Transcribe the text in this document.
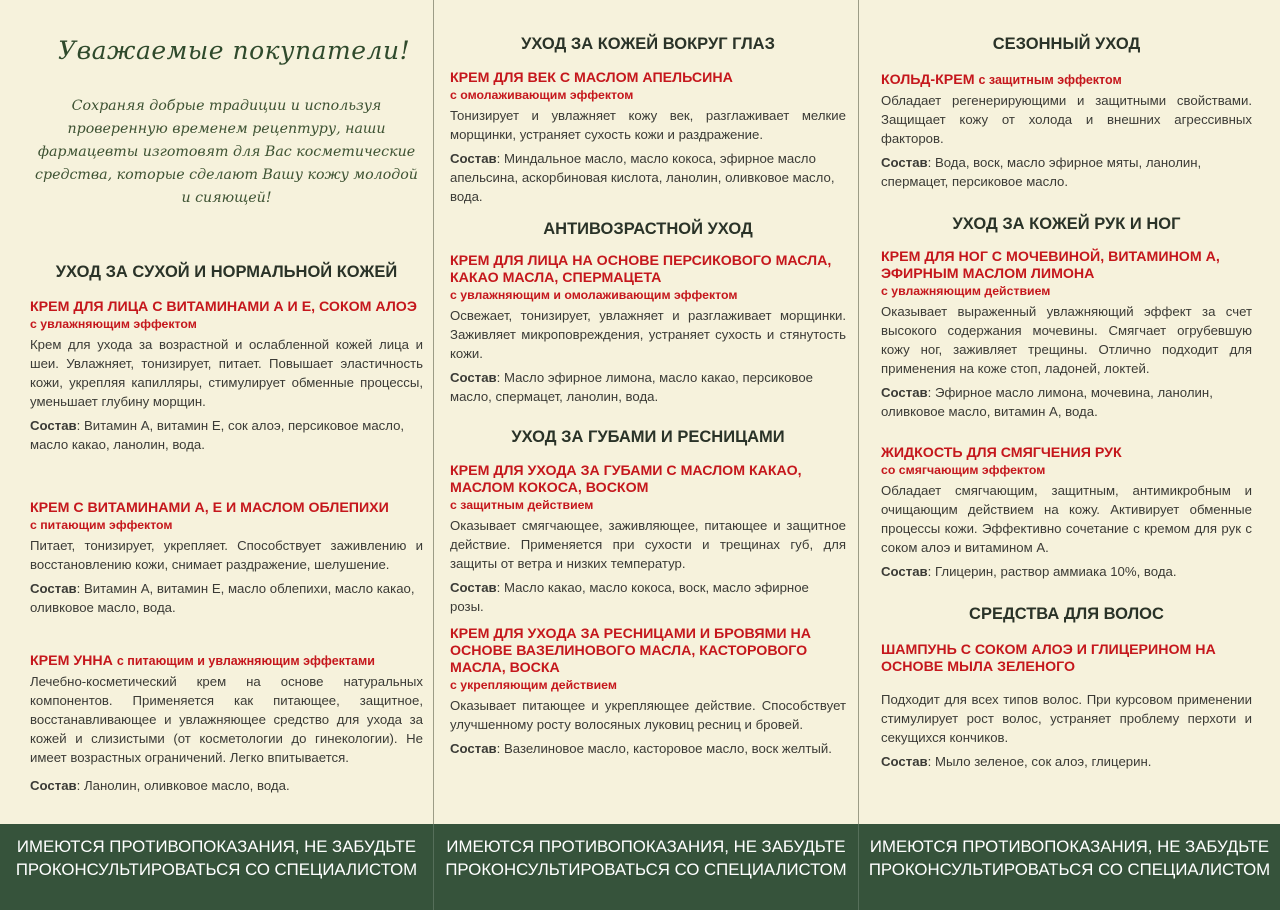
Уважаемые покупатели!
Сохраняя добрые традиции и используя проверенную временем рецептуру, наши фармацевты изготовят для Вас косметические средства, которые сделают Вашу кожу молодой и сияющей!
УХОД ЗА СУХОЙ И НОРМАЛЬНОЙ КОЖЕЙ
КРЕМ ДЛЯ ЛИЦА С ВИТАМИНАМИ А И Е, СОКОМ АЛОЭ
с увлажняющим эффектом
Крем для ухода за возрастной и ослабленной кожей лица и шеи. Увлажняет, тонизирует, питает. Повышает эластичность кожи, укрепляя капилляры, стимулирует обменные процессы, уменьшает глубину морщин.
Состав: Витамин А, витамин Е, сок алоэ, персиковое масло, масло какао, ланолин, вода.
КРЕМ С ВИТАМИНАМИ А, Е И МАСЛОМ ОБЛЕПИХИ
с питающим эффектом
Питает, тонизирует, укрепляет. Способствует заживлению и восстановлению кожи, снимает раздражение, шелушение.
Состав: Витамин А, витамин Е, масло облепихи, масло какао, оливковое масло, вода.
КРЕМ УННА с питающим и увлажняющим эффектами
Лечебно-косметический крем на основе натуральных компонентов. Применяется как питающее, защитное, восстанавливающее и увлажняющее средство для ухода за кожей и слизистыми (от косметологии до гинекологии). Не имеет возрастных ограничений. Легко впитывается.
Состав: Ланолин, оливковое масло, вода.
УХОД ЗА КОЖЕЙ ВОКРУГ ГЛАЗ
КРЕМ ДЛЯ ВЕК С МАСЛОМ АПЕЛЬСИНА
с омолаживающим эффектом
Тонизирует и увлажняет кожу век, разглаживает мелкие морщинки, устраняет сухость кожи и раздражение.
Состав: Миндальное масло, масло кокоса, эфирное масло апельсина, аскорбиновая кислота, ланолин, оливковое масло, вода.
АНТИВОЗРАСТНОЙ УХОД
КРЕМ ДЛЯ ЛИЦА НА ОСНОВЕ ПЕРСИКОВОГО МАСЛА, КАКАО МАСЛА, СПЕРМАЦЕТА
с увлажняющим и омолаживающим эффектом
Освежает, тонизирует, увлажняет и разглаживает морщинки. Заживляет микроповреждения, устраняет сухость и стянутость кожи.
Состав: Масло эфирное лимона, масло какао, персиковое масло, спермацет, ланолин, вода.
УХОД ЗА ГУБАМИ И РЕСНИЦАМИ
КРЕМ ДЛЯ УХОДА ЗА ГУБАМИ С МАСЛОМ КАКАО, МАСЛОМ КОКОСА, ВОСКОМ
с защитным действием
Оказывает смягчающее, заживляющее, питающее и защитное действие. Применяется при сухости и трещинах губ, для защиты от ветра и низких температур.
Состав: Масло какао, масло кокоса, воск, масло эфирное розы.
КРЕМ ДЛЯ УХОДА ЗА РЕСНИЦАМИ И БРОВЯМИ НА ОСНОВЕ ВАЗЕЛИНОВОГО МАСЛА, КАСТОРОВОГО МАСЛА, ВОСКА
с укрепляющим действием
Оказывает питающее и укрепляющее действие. Способствует улучшенному росту волосяных луковиц ресниц и бровей.
Состав: Вазелиновое масло, касторовое масло, воск желтый.
СЕЗОННЫЙ УХОД
КОЛЬД-КРЕМ с защитным эффектом
Обладает регенерирующими и защитными свойствами. Защищает кожу от холода и внешних агрессивных факторов.
Состав: Вода, воск, масло эфирное мяты, ланолин, спермацет, персиковое масло.
УХОД ЗА КОЖЕЙ РУК И НОГ
КРЕМ ДЛЯ НОГ С МОЧЕВИНОЙ, ВИТАМИНОМ А, ЭФИРНЫМ МАСЛОМ ЛИМОНА
с увлажняющим действием
Оказывает выраженный увлажняющий эффект за счет высокого содержания мочевины. Смягчает огрубевшую кожу ног, заживляет трещины. Отлично подходит для применения на коже стоп, ладоней, локтей.
Состав: Эфирное масло лимона, мочевина, ланолин, оливковое масло, витамин А, вода.
ЖИДКОСТЬ ДЛЯ СМЯГЧЕНИЯ РУК
со смягчающим эффектом
Обладает смягчающим, защитным, антимикробным и очищающим действием на кожу. Активирует обменные процессы кожи. Эффективно сочетание с кремом для рук с соком алоэ и витамином А.
Состав: Глицерин, раствор аммиака 10%, вода.
СРЕДСТВА ДЛЯ ВОЛОС
ШАМПУНЬ С СОКОМ АЛОЭ И ГЛИЦЕРИНОМ НА ОСНОВЕ МЫЛА ЗЕЛЕНОГО
Подходит для всех типов волос. При курсовом применении стимулирует рост волос, устраняет проблему перхоти и секущихся кончиков.
Состав: Мыло зеленое, сок алоэ, глицерин.
ИМЕЮТСЯ ПРОТИВОПОКАЗАНИЯ, НЕ ЗАБУДЬТЕ
ПРОКОНСУЛЬТИРОВАТЬСЯ СО СПЕЦИАЛИСТОМ
ИМЕЮТСЯ ПРОТИВОПОКАЗАНИЯ, НЕ ЗАБУДЬТЕ
ПРОКОНСУЛЬТИРОВАТЬСЯ СО СПЕЦИАЛИСТОМ
ИМЕЮТСЯ ПРОТИВОПОКАЗАНИЯ, НЕ ЗАБУДЬТЕ
ПРОКОНСУЛЬТИРОВАТЬСЯ СО СПЕЦИАЛИСТОМ
